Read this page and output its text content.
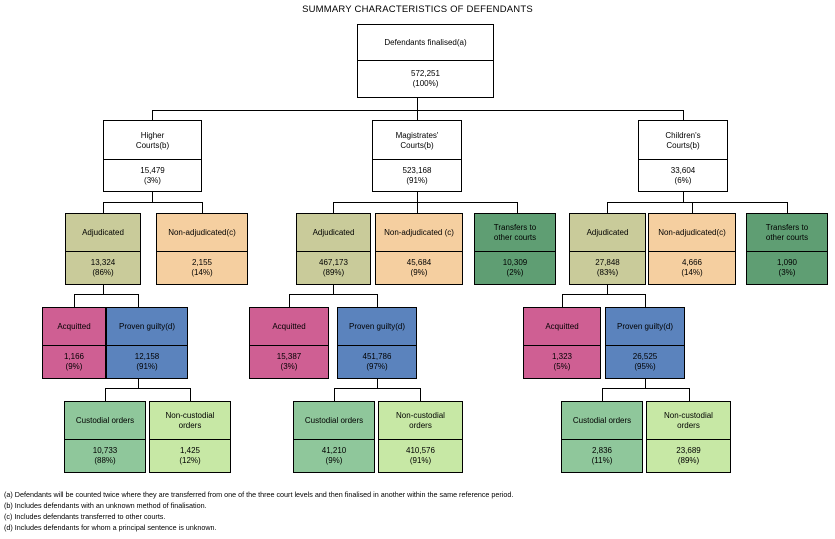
SUMMARY CHARACTERISTICS OF DEFENDANTS
Defendants finalised(a)
572,251
(100%)
Higher
Courts(b)
15,479
(3%)
Magistrates'
Courts(b)
523,168
(91%)
Children's
Courts(b)
33,604
(6%)
Adjudicated
13,324
(86%)
Non-adjudicated(c)
2,155
(14%)
Adjudicated
467,173
(89%)
Non-adjudicated (c)
45,684
(9%)
Transfers to
other courts
10,309
(2%)
Adjudicated
27,848
(83%)
Non-adjudicated(c)
4,666
(14%)
Transfers to
other courts
1,090
(3%)
Acquitted
1,166
(9%)
Proven guilty(d)
12,158
(91%)
Acquitted
15,387
(3%)
Proven guilty(d)
451,786
(97%)
Acquitted
1,323
(5%)
Proven guilty(d)
26,525
(95%)
Custodial orders
10,733
(88%)
Non-custodial
orders
1,425
(12%)
Custodial orders
41,210
(9%)
Non-custodial
orders
410,576
(91%)
Custodial orders
2,836
(11%)
Non-custodial
orders
23,689
(89%)
(a) Defendants will be counted twice where they are transferred from one of the three court levels and then finalised in another within the same reference period.
(b) Includes defendants with an unknown method of finalisation.
(c) Includes defendants transferred to other courts.
(d) Includes defendants for whom a principal sentence is unknown.
